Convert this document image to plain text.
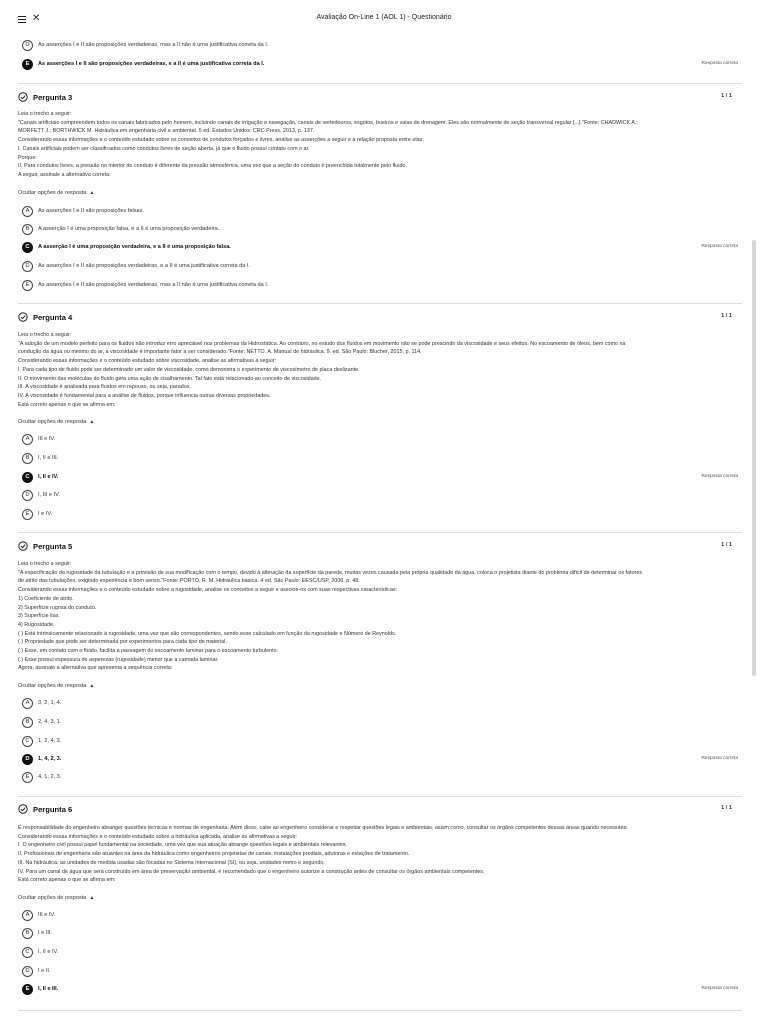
D	As asserções I e II são proposições verdadeiras, mas a II não é uma justificativa correta da I.
E	As asserções I e II são proposições verdadeiras, e a II é uma justificativa correta da I.	Resposta correta
Pergunta 3	1 / 1

Leia o trecho a seguir:

"Canais artificiais compreendem todos os canais fabricados pelo homem, incluindo canais de irrigação e navegação, canais de vertedouros, esgotos, bueiros e valas de drenagem. Eles são normalmente de seção transversal regular [...]."Fonte: CHADWICK A.;

MORFETT J.; BORTHWICK M. Hidráulica em engenharia civil e ambiental. 5 ed. Estados Unidos: CRC Press, 2013, p. 137.

Considerando essas informações e o conteúdo estudado sobre os conceitos de condutos forçados e livres, analise as asserções a seguir e a relação proposta entre elas:

I. Canais artificiais podem ser classificados como condutos livres de seção aberta, já que o fluido possui contato com o ar.

Porque:

II. Para condutos livres, a pressão no interior do conduto é diferente da pressão atmosférica, uma vez que a seção do conduto é preenchida totalmente pelo fluido.

A seguir, assinale a alternativa correta:

Ocultar opções de resposta ▲
A	As asserções I e II são proposições falsas.
B	A asserção I é uma proposição falsa, e a II é uma proposição verdadeira.
C	A asserção I é uma proposição verdadeira, e a II é uma proposição falsa.	Resposta correta
D	As asserções I e II são proposições verdadeiras, e a II é uma justificativa correta da I.
E	As asserções I e II são proposições verdadeiras, mas a II não é uma justificativa correta da I.
Pergunta 4	1 / 1

Leia o trecho a seguir:

"A adoção de um modelo perfeito para os fluidos não introduz erro apreciável nos problemas da Hidrostática. Ao contrário, no estudo dos fluidos em movimento não se pode prescindir da viscosidade e seus efeitos. No escoamento de óleos, bem como na

condução da água ou mesmo do ar, a viscosidade é importante fator a ser considerado."Fonte: NETTO. A. Manual de hidráulica. 9. ed. São Paulo: Blucher, 2015, p. 114.

Considerando essas informações e o conteúdo estudado sobre viscosidade, analise as afirmativas a seguir:

I. Para cada tipo de fluido pode ser determinado um valor de viscosidade, como demonstra o experimento de viscosímetro de placa deslizante.

II. O movimento das moléculas do fluido gera uma ação de cisalhamento. Tal fato está relacionado ao conceito de viscosidade.

III. A viscosidade é analisada para fluidos em repouso, ou seja, parados.

IV. A viscosidade é fundamental para a análise de fluidos, porque influencia outras diversas propriedades.

Está correto apenas o que se afirma em:

Ocultar opções de resposta ▲
A	III e IV.
B	I, II e III.
C	I, II e IV.	Resposta correta
D	I, III e IV.
E	I e IV.
Pergunta 5	1 / 1

Leia o trecho a seguir:

"A especificação da rugosidade da tubulação e a previsão de sua modificação com o tempo, devido à alteração da superfície da parede, muitas vezes causada pela própria qualidade da água, coloca o projetista diante do problema difícil de determinar os fatores

de atrito das tubulações, exigindo experiência e bom senso."Fonte: PORTO, R. M. Hidráulica básica. 4 ed. São Paulo: EESC/USP, 2006, p. 48.

Considerando essas informações e o conteúdo estudado sobre a rugosidade, analise os conceitos a seguir e associe-os com suas respectivas características:

1) Coeficiente de atrito.

2) Superfície rugosa do conduto.

3) Superfície lisa.

4) Rugosidade.

( ) Está intrinsicamente relacionado à rugosidade, uma vez que são correspondentes, sendo esse calculado em função da rugosidade e Número de Reynolds.

( ) Propriedade que pode ser determinada por experimentos para cada tipo de material.

( ) Esse, em contato com o fluido, facilita a passagem do escoamento laminar para o escoamento turbulento.

( ) Esse possui espessura de asperezas (rugosidade) menor que a camada laminar.

Agora, assinale a alternativa que apresenta a sequência correta:

Ocultar opções de resposta ▲
A	3, 2, 1, 4.
B	2, 4, 3, 1.
C	1, 2, 4, 3.
D	1, 4, 2, 3.	Resposta correta
E	4, 1, 2, 3.
Pergunta 6	1 / 1

É responsabilidade do engenheiro abranger questões técnicas e normas de engenharia. Além disso, cabe ao engenheiro considerar e respeitar questões legais e ambientais, assim como, consultar os órgãos competentes dessas áreas quando necessário.

Considerando essas informações e o conteúdo estudado sobre a hidráulica aplicada, analise as afirmativas a seguir:

I. O engenheiro civil possui papel fundamental na sociedade, uma vez que sua atuação abrange questões legais e ambientais relevantes.

II. Profissionais de engenharia são atuantes na área da hidráulica como engenheiros projetistas de canais, instalações prediais, adutoras e estações de tratamento.

III. Na hidráulica, as unidades de medida usadas são focadas no Sistema Internacional (SI), ou seja, unidades metro e segundo.

IV. Para um canal de água que será construído em área de preservação ambiental, é recomendado que o engenheiro autorize a construção antes de consultar os órgãos ambientais competentes.

Está correto apenas o que se afirma em:

Ocultar opções de resposta ▲
A	III e IV.
B	I e III.
C	I, II e IV.
D	I e II.
E	I, II e III.	Resposta correta
✕	Avaliação On-Line 1 (AOL 1) - Questionário
